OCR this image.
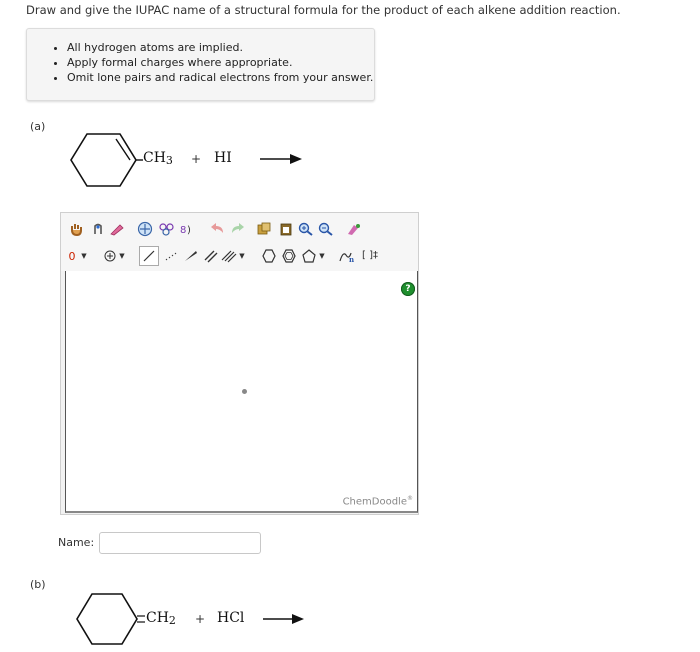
Draw and give the IUPAC name of a structural formula for the product of each alkene addition reaction.
• All hydrogen atoms are implied.
• Apply formal charges where appropriate.
• Omit lone pairs and radical electrons from your answer.
(a)
CH3 + HI
8 )
0 ▼	▼	▼	▼	n [ ]‡
?
ChemDoodle®
Name:
(b)
CH2 + HCl
